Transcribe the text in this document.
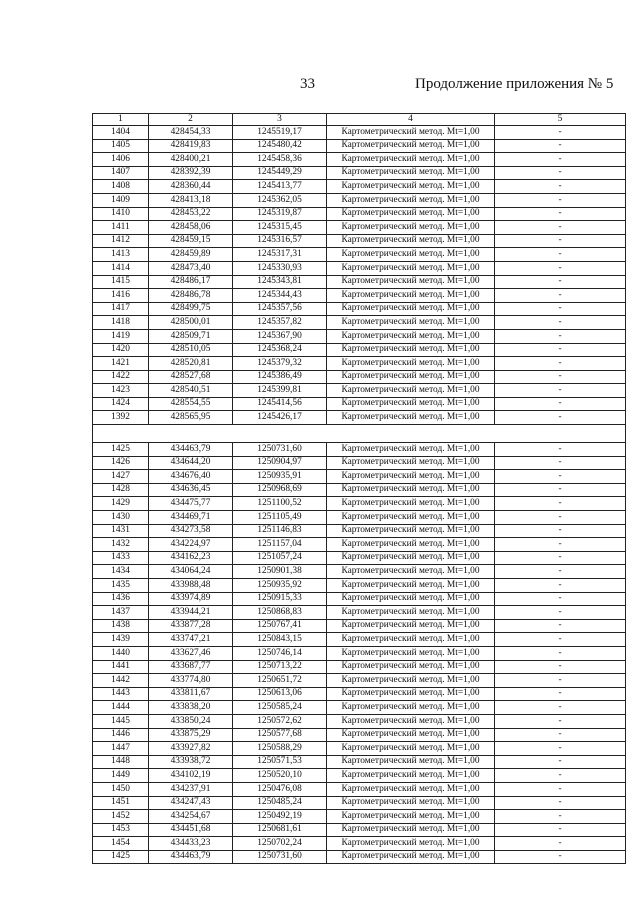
33	Продолжение приложения № 5
1	2	3	4	5
1404	428454,33	1245519,17	Картометрический метод. Mt=1,00	-
1405	428419,83	1245480,42	Картометрический метод. Mt=1,00	-
1406	428400,21	1245458,36	Картометрический метод. Mt=1,00	-
1407	428392,39	1245449,29	Картометрический метод. Mt=1,00	-
1408	428360,44	1245413,77	Картометрический метод. Mt=1,00	-
1409	428413,18	1245362,05	Картометрический метод. Mt=1,00	-
1410	428453,22	1245319,87	Картометрический метод. Mt=1,00	-
1411	428458,06	1245315,45	Картометрический метод. Mt=1,00	-
1412	428459,15	1245316,57	Картометрический метод. Mt=1,00	-
1413	428459,89	1245317,31	Картометрический метод. Mt=1,00	-
1414	428473,40	1245330,93	Картометрический метод. Mt=1,00	-
1415	428486,17	1245343,81	Картометрический метод. Mt=1,00	-
1416	428486,78	1245344,43	Картометрический метод. Mt=1,00	-
1417	428499,75	1245357,56	Картометрический метод. Mt=1,00	-
1418	428500,01	1245357,82	Картометрический метод. Mt=1,00	-
1419	428509,71	1245367,90	Картометрический метод. Mt=1,00	-
1420	428510,05	1245368,24	Картометрический метод. Mt=1,00	-
1421	428520,81	1245379,32	Картометрический метод. Mt=1,00	-
1422	428527,68	1245386,49	Картометрический метод. Mt=1,00	-
1423	428540,51	1245399,81	Картометрический метод. Mt=1,00	-
1424	428554,55	1245414,56	Картометрический метод. Mt=1,00	-
1392	428565,95	1245426,17	Картометрический метод. Mt=1,00	-

1425	434463,79	1250731,60	Картометрический метод. Mt=1,00	-
1426	434644,20	1250904,97	Картометрический метод. Mt=1,00	-
1427	434676,40	1250935,91	Картометрический метод. Mt=1,00	-
1428	434636,45	1250968,69	Картометрический метод. Mt=1,00	-
1429	434475,77	1251100,52	Картометрический метод. Mt=1,00	-
1430	434469,71	1251105,49	Картометрический метод. Mt=1,00	-
1431	434273,58	1251146,83	Картометрический метод. Mt=1,00	-
1432	434224,97	1251157,04	Картометрический метод. Mt=1,00	-
1433	434162,23	1251057,24	Картометрический метод. Mt=1,00	-
1434	434064,24	1250901,38	Картометрический метод. Mt=1,00	-
1435	433988,48	1250935,92	Картометрический метод. Mt=1,00	-
1436	433974,89	1250915,33	Картометрический метод. Mt=1,00	-
1437	433944,21	1250868,83	Картометрический метод. Mt=1,00	-
1438	433877,28	1250767,41	Картометрический метод. Mt=1,00	-
1439	433747,21	1250843,15	Картометрический метод. Mt=1,00	-
1440	433627,46	1250746,14	Картометрический метод. Mt=1,00	-
1441	433687,77	1250713,22	Картометрический метод. Mt=1,00	-
1442	433774,80	1250651,72	Картометрический метод. Mt=1,00	-
1443	433811,67	1250613,06	Картометрический метод. Mt=1,00	-
1444	433838,20	1250585,24	Картометрический метод. Mt=1,00	-
1445	433850,24	1250572,62	Картометрический метод. Mt=1,00	-
1446	433875,29	1250577,68	Картометрический метод. Mt=1,00	-
1447	433927,82	1250588,29	Картометрический метод. Mt=1,00	-
1448	433938,72	1250571,53	Картометрический метод. Mt=1,00	-
1449	434102,19	1250520,10	Картометрический метод. Mt=1,00	-
1450	434237,91	1250476,08	Картометрический метод. Mt=1,00	-
1451	434247,43	1250485,24	Картометрический метод. Mt=1,00	-
1452	434254,67	1250492,19	Картометрический метод. Mt=1,00	-
1453	434451,68	1250681,61	Картометрический метод. Mt=1,00	-
1454	434433,23	1250702,24	Картометрический метод. Mt=1,00	-
1425	434463,79	1250731,60	Картометрический метод. Mt=1,00	-
